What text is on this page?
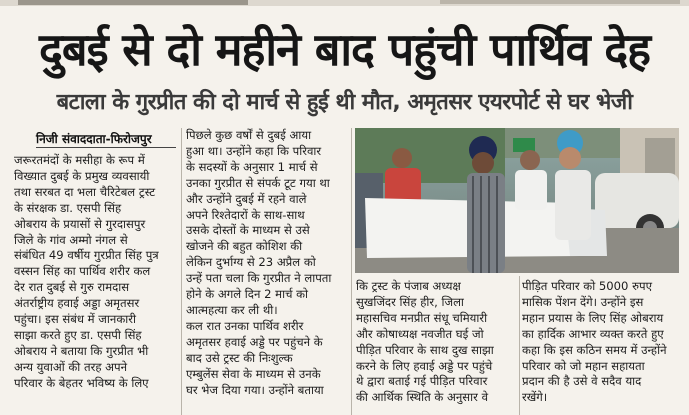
दुबई से दो महीने बाद पहुंची पार्थिव देह
बटाला के गुरप्रीत की दो मार्च से हुई थी मौत, अमृतसर एयरपोर्ट से घर भेजी
निजी संवाददाता-फिरोजपुर
जरूरतमंदों के मसीहा के रूप में
विख्यात दुबई के प्रमुख व्यवसायी
तथा सरबत दा भला चैरिटेबल ट्रस्ट
के संरक्षक डा. एसपी सिंह
ओबराय के प्रयासों से गुरदासपुर
जिले के गांव अम्मो नंगल से
संबंधित 49 वर्षीय गुरप्रीत सिंह पुत्र
वस्सन सिंह का पार्थिव शरीर कल
देर रात दुबई से गुरु रामदास
अंतर्राष्ट्रीय हवाई अड्डा अमृतसर
पहुंचा। इस संबंध में जानकारी
साझा करते हुए डा. एसपी सिंह
ओबराय ने बताया कि गुरप्रीत भी
अन्य युवाओं की तरह अपने
परिवार के बेहतर भविष्य के लिए
पिछले कुछ वर्षों से दुबई आया
हुआ था। उन्होंने कहा कि परिवार
के सदस्यों के अनुसार 1 मार्च से
उनका गुरप्रीत से संपर्क टूट गया था
और उन्होंने दुबई में रहने वाले
अपने रिश्तेदारों के साथ-साथ
उसके दोस्तों के माध्यम से उसे
खोजने की बहुत कोशिश की
लेकिन दुर्भाग्य से 23 अप्रैल को
उन्हें पता चला कि गुरप्रीत ने लापता
होने के अगले दिन 2 मार्च को
आत्महत्या कर ली थी।
कल रात उनका पार्थिव शरीर
अमृतसर हवाई अड्डे पर पहुंचने के
बाद उसे ट्रस्ट की निःशुल्क
एम्बुलेंस सेवा के माध्यम से उनके
घर भेज दिया गया। उन्होंने बताया
कि ट्रस्ट के पंजाब अध्यक्ष
सुखजिंदर सिंह हीर, जिला
महासचिव मनप्रीत संधू चमियारी
और कोषाध्यक्ष नवजीत घई जो
पीड़ित परिवार के साथ दुख साझा
करने के लिए हवाई अड्डे पर पहुंचे
थे द्वारा बताई गई पीड़ित परिवार
की आर्थिक स्थिति के अनुसार वे
पीड़ित परिवार को 5000 रुपए
मासिक पेंशन देंगे। उन्होंने इस
महान प्रयास के लिए सिंह ओबराय
का हार्दिक आभार व्यक्त करते हुए
कहा कि इस कठिन समय में उन्होंने
परिवार को जो महान सहायता
प्रदान की है उसे वे सदैव याद
रखेंगे।
